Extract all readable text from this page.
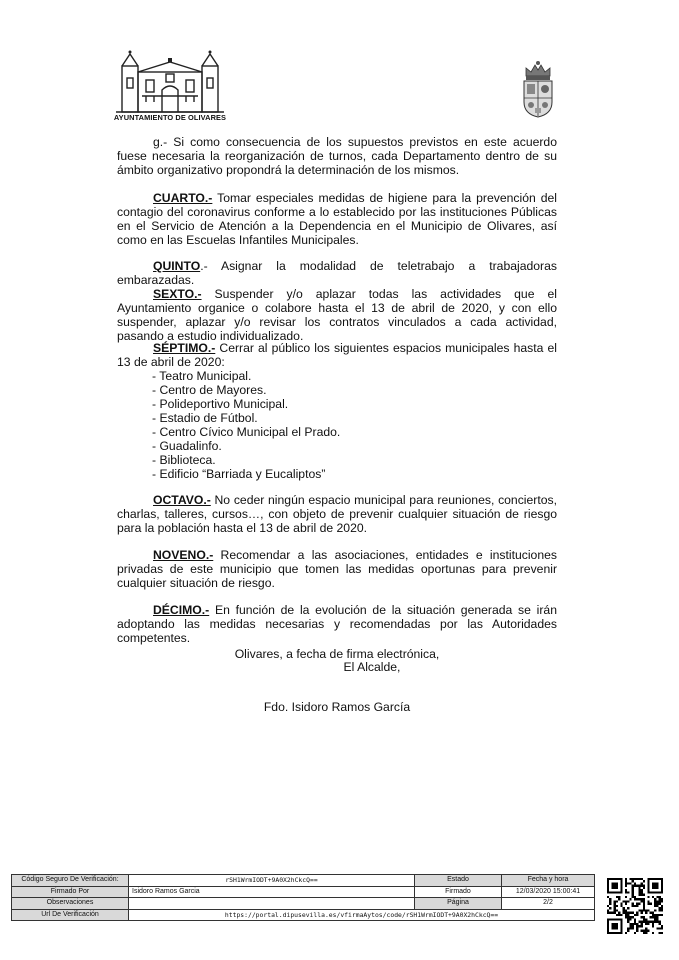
AYUNTAMIENTO DE OLIVARES
g.- Si como consecuencia de los supuestos previstos en este acuerdo fuese necesaria la reorganización de turnos, cada Departamento dentro de su ámbito organizativo propondrá la determinación de los mismos.
CUARTO.- Tomar especiales medidas de higiene para la prevención del contagio del coronavirus conforme a lo establecido por las instituciones Públicas en el Servicio de Atención a la Dependencia en el Municipio de Olivares, así como en las Escuelas Infantiles Municipales.
QUINTO.- Asignar la modalidad de teletrabajo a trabajadoras embarazadas.
SEXTO.- Suspender y/o aplazar todas las actividades que el Ayuntamiento organice o colabore hasta el 13 de abril de 2020, y con ello suspender, aplazar y/o revisar los contratos vinculados a cada actividad, pasando a estudio individualizado.
SÉPTIMO.- Cerrar al público los siguientes espacios municipales hasta el 13 de abril de 2020:
- Teatro Municipal.
- Centro de Mayores.
- Polideportivo Municipal.
- Estadio de Fútbol.
- Centro Cívico Municipal el Prado.
- Guadalinfo.
- Biblioteca.
- Edificio “Barriada y Eucaliptos”
OCTAVO.- No ceder ningún espacio municipal para reuniones, conciertos, charlas, talleres, cursos…, con objeto de prevenir cualquier situación de riesgo para la población hasta el 13 de abril de 2020.
NOVENO.- Recomendar a las asociaciones, entidades e instituciones privadas de este municipio que tomen las medidas oportunas para prevenir cualquier situación de riesgo.
DÉCIMO.- En función de la evolución de la situación generada se irán adoptando las medidas necesarias y recomendadas por las Autoridades competentes.
Olivares, a fecha de firma electrónica,
El Alcalde,
Fdo. Isidoro Ramos García
Código Seguro De Verificación:	rSH1WrmIODT+9A0X2hCkcQ==	Estado	Fecha y hora
Firmado Por	Isidoro Ramos Garcia	Firmado	12/03/2020 15:00:41
Observaciones		Página	2/2
Url De Verificación	https://portal.dipusevilla.es/vfirmaAytos/code/rSH1WrmIODT+9A0X2hCkcQ==		
